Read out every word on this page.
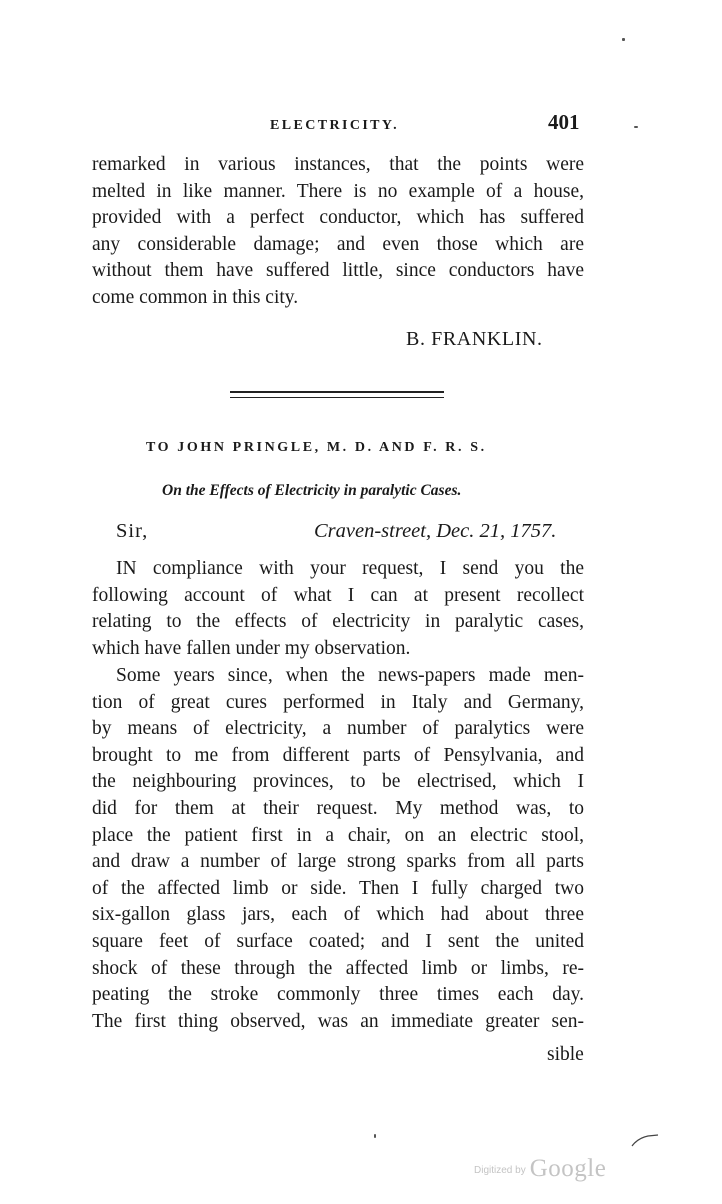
ELECTRICITY.	401
remarked in various instances, that the points were
melted in like manner. There is no example of a house,
provided with a perfect conductor, which has suffered
any considerable damage; and even those which are
without them have suffered little, since conductors have
come common in this city.
B. FRANKLIN.
TO JOHN PRINGLE, M. D. AND F. R. S.
On the Effects of Electricity in paralytic Cases.
Sir,	Craven-street, Dec. 21, 1757.
IN compliance with your request, I send you the
following account of what I can at present recollect
relating to the effects of electricity in paralytic cases,
which have fallen under my observation.
Some years since, when the news-papers made men-
tion of great cures performed in Italy and Germany,
by means of electricity, a number of paralytics were
brought to me from different parts of Pensylvania, and
the neighbouring provinces, to be electrised, which I
did for them at their request. My method was, to
place the patient first in a chair, on an electric stool,
and draw a number of large strong sparks from all parts
of the affected limb or side. Then I fully charged two
six-gallon glass jars, each of which had about three
square feet of surface coated; and I sent the united
shock of these through the affected limb or limbs, re-
peating the stroke commonly three times each day.
The first thing observed, was an immediate greater sen-
sible
Digitized by Google
